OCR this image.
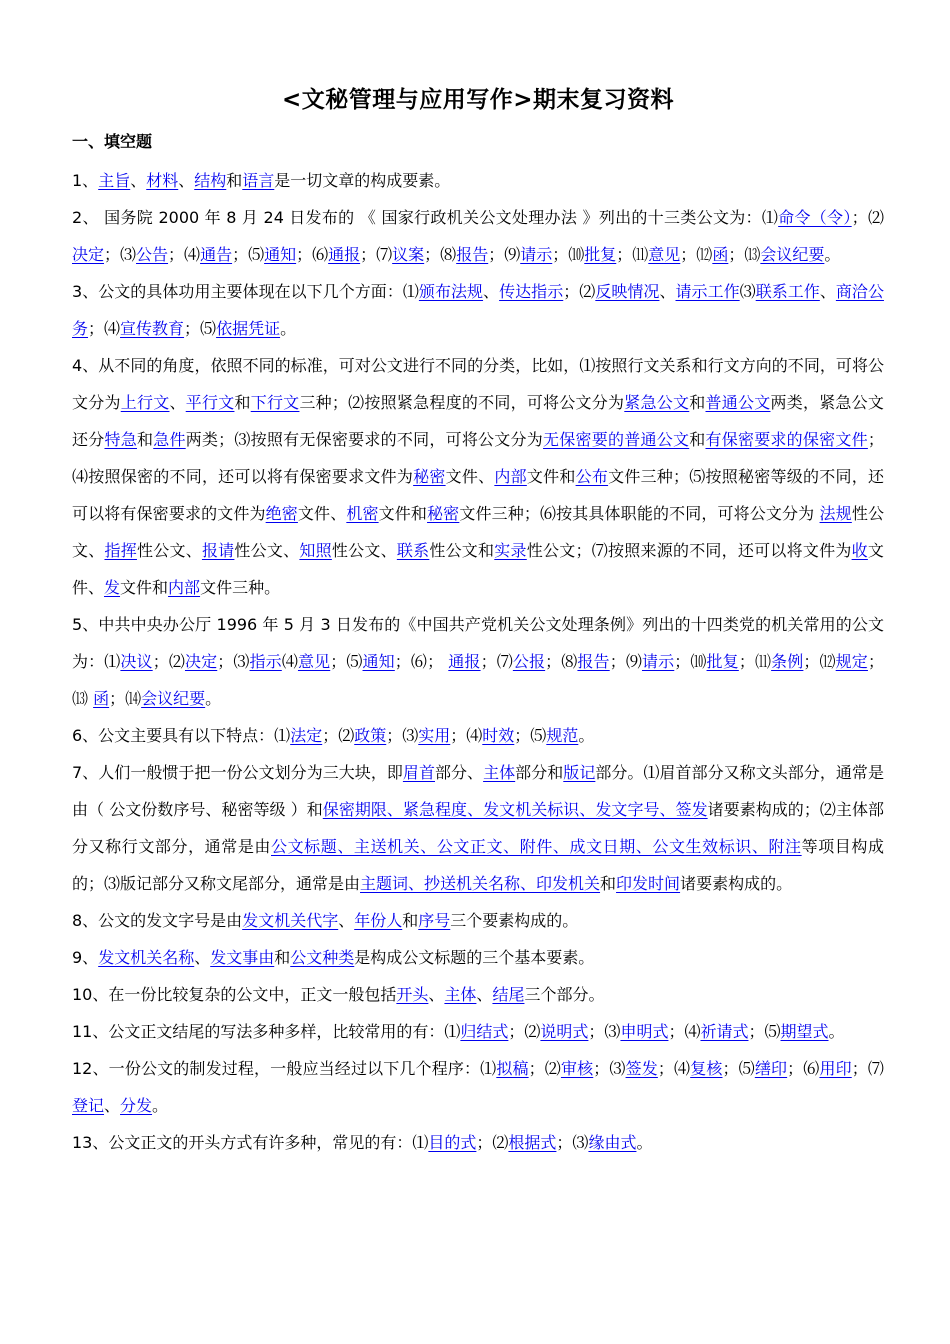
<文秘管理与应用写作>期末复习资料
一、填空题

1、主旨、材料、结构和语言是一切文章的构成要素。

2、 国务院 2000 年 8 月 24 日发布的 《 国家行政机关公文处理办法 》列出的十三类公文为：⑴命令（令）；⑵决定；⑶公告；⑷通告；⑸通知；⑹通报；⑺议案；⑻报告；⑼请示；⑽批复；⑾意见；⑿函；⒀会议纪要。

3、公文的具体功用主要体现在以下几个方面：⑴颁布法规、传达指示；⑵反映情况、请示工作⑶联系工作、商洽公务；⑷宣传教育；⑸依据凭证。

4、从不同的角度，依照不同的标准，可对公文进行不同的分类，比如，⑴按照行文关系和行文方向的不同，可将公文分为上行文、平行文和下行文三种；⑵按照紧急程度的不同，可将公文分为紧急公文和普通公文两类，紧急公文还分特急和急件两类；⑶按照有无保密要求的不同，可将公文分为无保密要的普通公文和有保密要求的保密文件；⑷按照保密的不同，还可以将有保密要求文件为秘密文件、内部文件和公布文件三种；⑸按照秘密等级的不同，还可以将有保密要求的文件为绝密文件、机密文件和秘密文件三种；⑹按其具体职能的不同，可将公文分为 法规性公文、指挥性公文、报请性公文、知照性公文、联系性公文和实录性公文；⑺按照来源的不同，还可以将文件为收文件、发文件和内部文件三种。

5、中共中央办公厅 1996 年 5 月 3 日发布的《中国共产党机关公文处理条例》列出的十四类党的机关常用的公文为：⑴决议；⑵决定；⑶指示⑷意见；⑸通知；⑹； 通报；⑺公报；⑻报告；⑼请示；⑽批复；⑾条例；⑿规定；⒀ 函；⒁会议纪要。

6、公文主要具有以下特点：⑴法定；⑵政策；⑶实用；⑷时效；⑸规范。

7、人们一般惯于把一份公文划分为三大块，即眉首部分、主体部分和版记部分。⑴眉首部分又称文头部分，通常是由（ 公文份数序号、秘密等级 ）和保密期限、紧急程度、发文机关标识、发文字号、签发诸要素构成的；⑵主体部分又称行文部分，通常是由公文标题、主送机关、公文正文、附件、成文日期、公文生效标识、附注等项目构成的；⑶版记部分又称文尾部分，通常是由主题词、抄送机关名称、印发机关和印发时间诸要素构成的。

8、公文的发文字号是由发文机关代字、年份人和序号三个要素构成的。

9、发文机关名称、发文事由和公文种类是构成公文标题的三个基本要素。

10、在一份比较复杂的公文中，正文一般包括开头、主体、结尾三个部分。

11、公文正文结尾的写法多种多样，比较常用的有：⑴归结式；⑵说明式；⑶申明式；⑷祈请式；⑸期望式。

12、一份公文的制发过程，一般应当经过以下几个程序：⑴拟稿；⑵审核；⑶签发；⑷复核；⑸缮印；⑹用印；⑺登记、分发。

13、公文正文的开头方式有许多种，常见的有：⑴目的式；⑵根据式；⑶缘由式。
